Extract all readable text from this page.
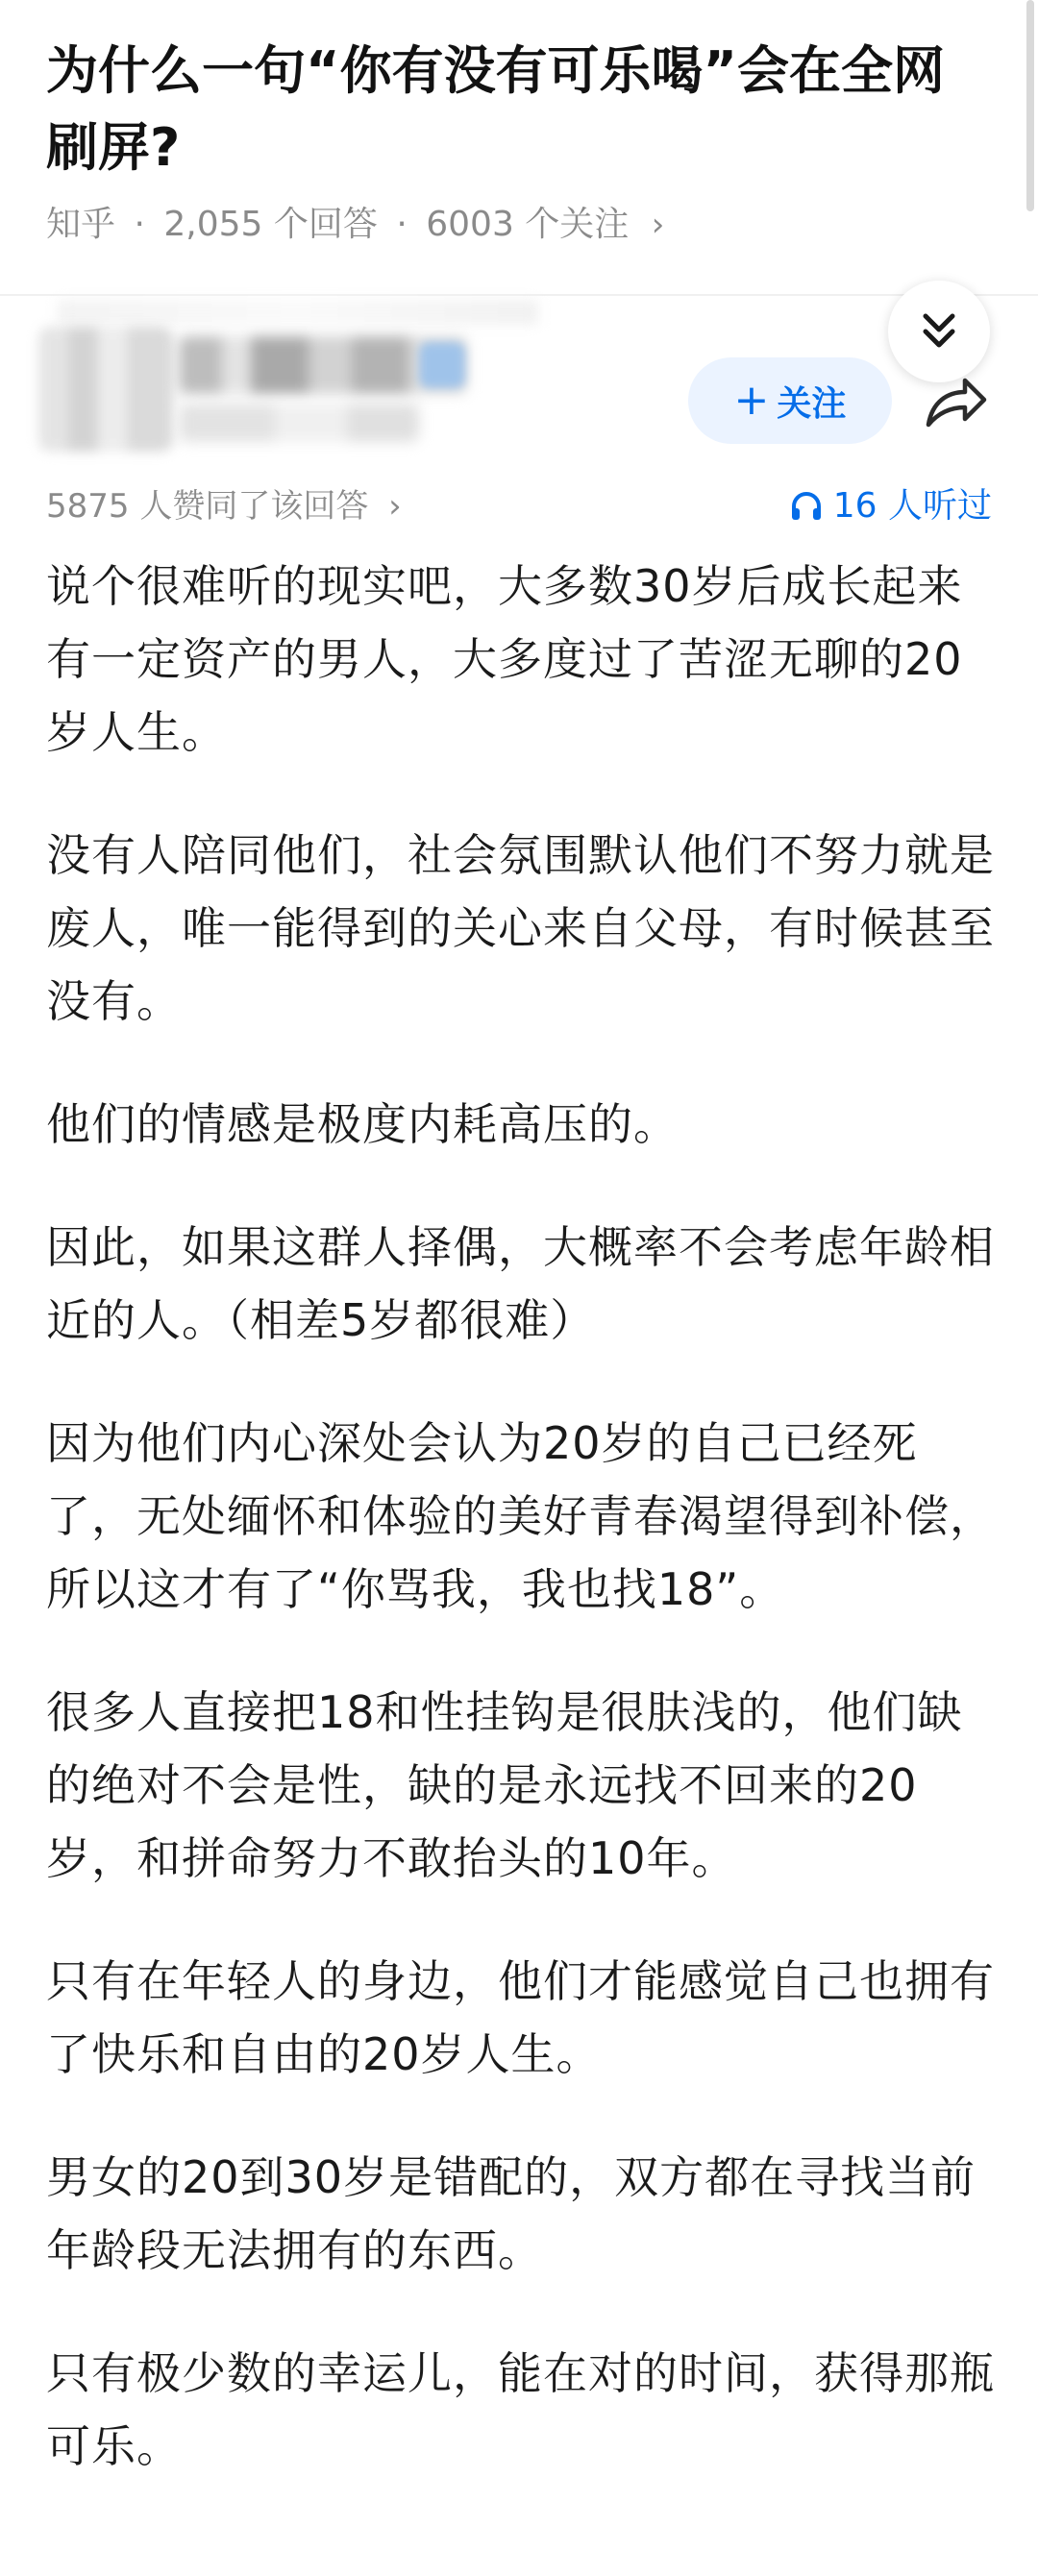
为什么一句“你有没有可乐喝”会在全网刷屏?
知乎 · 2,055 个回答 · 6003 个关注 ›
+ 关注
5875 人赞同了该回答 ›	16 人听过

说个很难听的现实吧，大多数30岁后成长起来有一定资产的男人，大多度过了苦涩无聊的20岁人生。

没有人陪同他们，社会氛围默认他们不努力就是废人，唯一能得到的关心来自父母，有时候甚至没有。

他们的情感是极度内耗高压的。

因此，如果这群人择偶，大概率不会考虑年龄相近的人。（相差5岁都很难）

因为他们内心深处会认为20岁的自己已经死了，无处缅怀和体验的美好青春渴望得到补偿，所以这才有了“你骂我，我也找18”。

很多人直接把18和性挂钩是很肤浅的，他们缺的绝对不会是性，缺的是永远找不回来的20岁，和拼命努力不敢抬头的10年。

只有在年轻人的身边，他们才能感觉自己也拥有了快乐和自由的20岁人生。

男女的20到30岁是错配的，双方都在寻找当前年龄段无法拥有的东西。

只有极少数的幸运儿，能在对的时间，获得那瓶可乐。
